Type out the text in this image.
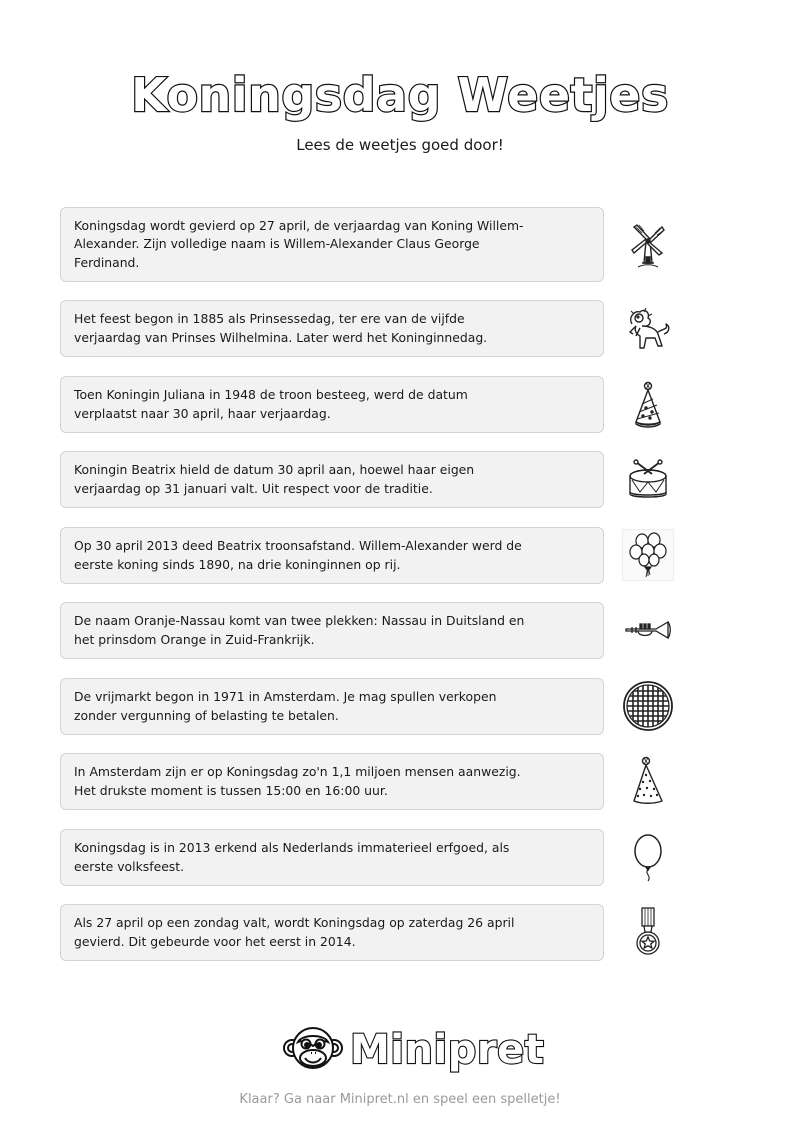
Koningsdag Weetjes
Lees de weetjes goed door!
Koningsdag wordt gevierd op 27 april, de verjaardag van Koning Willem-Alexander. Zijn volledige naam is Willem-Alexander Claus George Ferdinand.
Het feest begon in 1885 als Prinsessedag, ter ere van de vijfde verjaardag van Prinses Wilhelmina. Later werd het Koninginnedag.
Toen Koningin Juliana in 1948 de troon besteeg, werd de datum verplaatst naar 30 april, haar verjaardag.
Koningin Beatrix hield de datum 30 april aan, hoewel haar eigen verjaardag op 31 januari valt. Uit respect voor de traditie.
Op 30 april 2013 deed Beatrix troonsafstand. Willem-Alexander werd de eerste koning sinds 1890, na drie koninginnen op rij.
De naam Oranje-Nassau komt van twee plekken: Nassau in Duitsland en het prinsdom Orange in Zuid-Frankrijk.
De vrijmarkt begon in 1971 in Amsterdam. Je mag spullen verkopen zonder vergunning of belasting te betalen.
In Amsterdam zijn er op Koningsdag zo'n 1,1 miljoen mensen aanwezig. Het drukste moment is tussen 15:00 en 16:00 uur.
Koningsdag is in 2013 erkend als Nederlands immaterieel erfgoed, als eerste volksfeest.
Als 27 april op een zondag valt, wordt Koningsdag op zaterdag 26 april gevierd. Dit gebeurde voor het eerst in 2014.
Minipret
Klaar? Ga naar Minipret.nl en speel een spelletje!
